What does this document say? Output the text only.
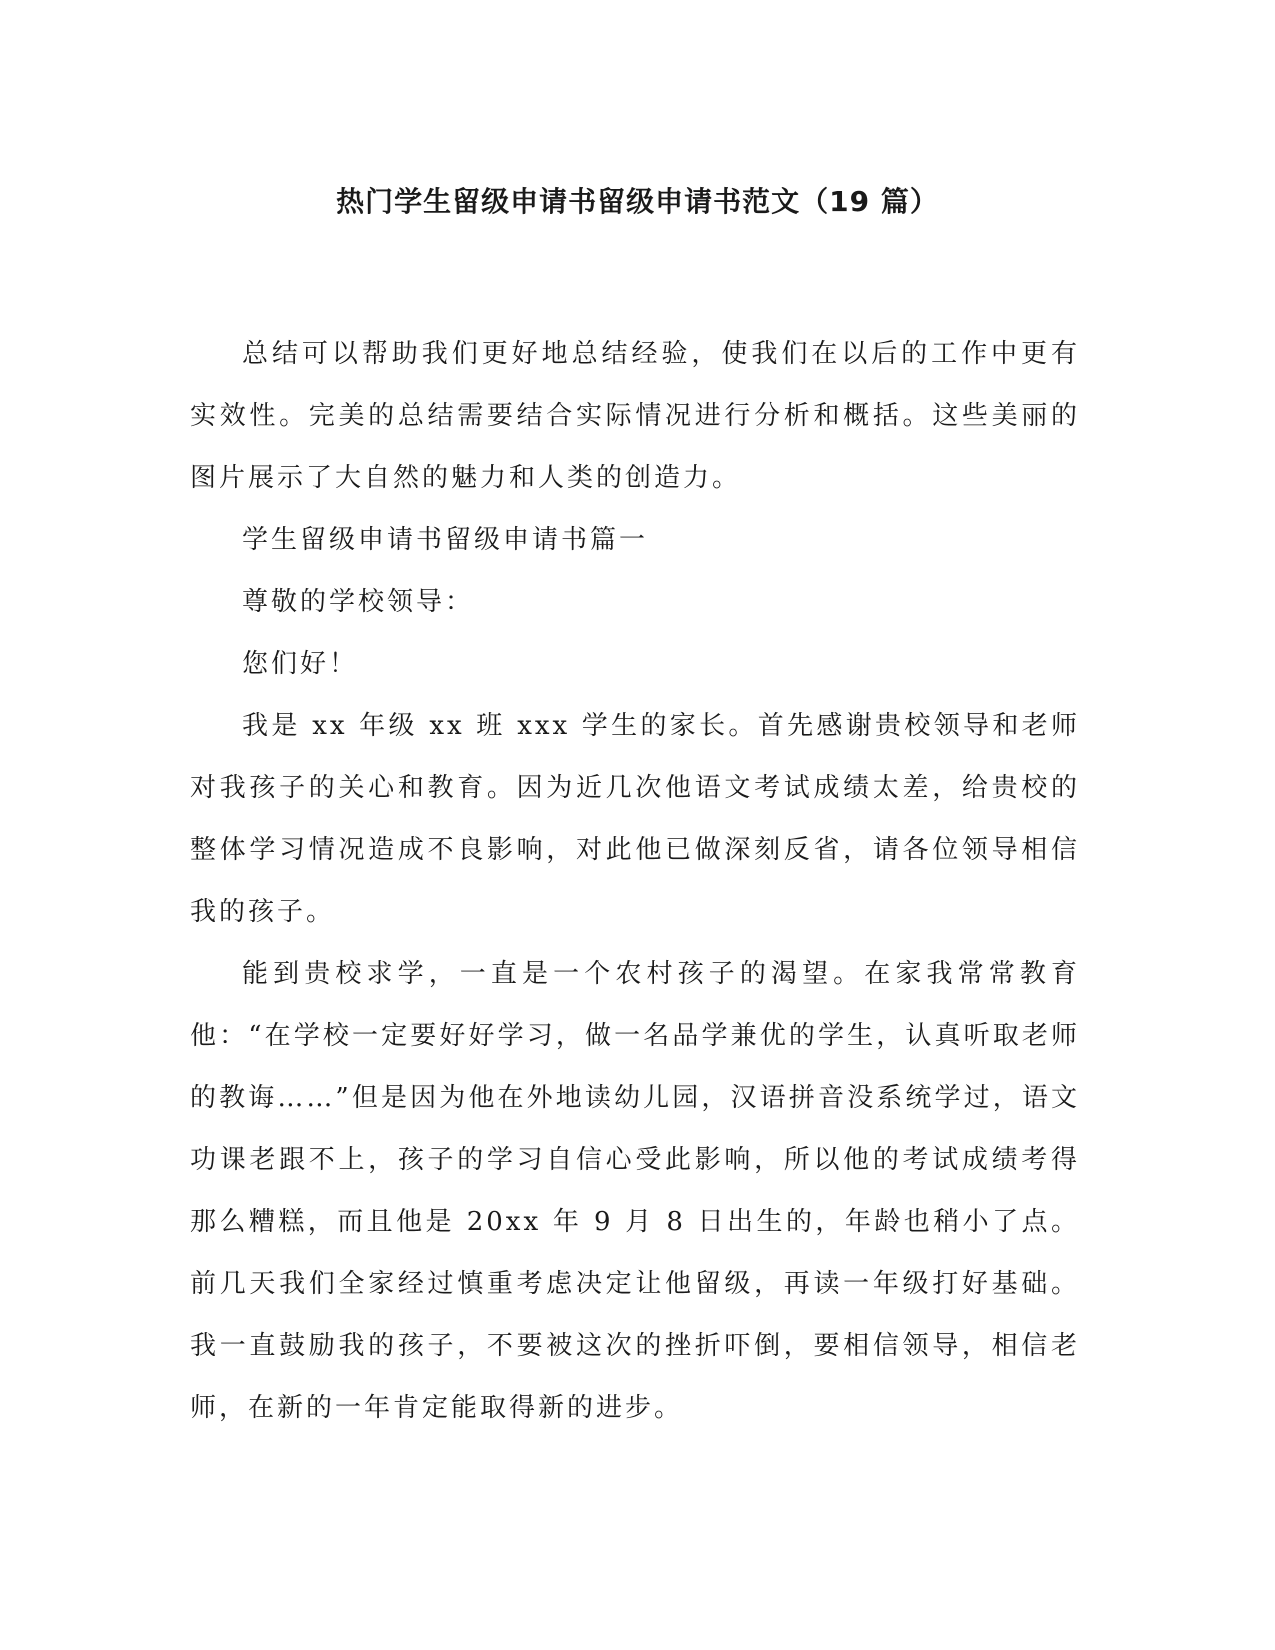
热门学生留级申请书留级申请书范文（19 篇）

总结可以帮助我们更好地总结经验，使我们在以后的工作中更有实效性。完美的总结需要结合实际情况进行分析和概括。这些美丽的图片展示了大自然的魅力和人类的创造力。

学生留级申请书留级申请书篇一

尊敬的学校领导：

您们好！

我是 xx 年级 xx 班 xxx 学生的家长。首先感谢贵校领导和老师对我孩子的关心和教育。因为近几次他语文考试成绩太差，给贵校的整体学习情况造成不良影响，对此他已做深刻反省，请各位领导相信我的孩子。

能到贵校求学，一直是一个农村孩子的渴望。在家我常常教育他：“在学校一定要好好学习，做一名品学兼优的学生，认真听取老师的教诲……”但是因为他在外地读幼儿园，汉语拼音没系统学过，语文功课老跟不上，孩子的学习自信心受此影响，所以他的考试成绩考得那么糟糕，而且他是 20xx 年 9 月 8 日出生的，年龄也稍小了点。前几天我们全家经过慎重考虑决定让他留级，再读一年级打好基础。我一直鼓励我的孩子，不要被这次的挫折吓倒，要相信领导，相信老师，在新的一年肯定能取得新的进步。
